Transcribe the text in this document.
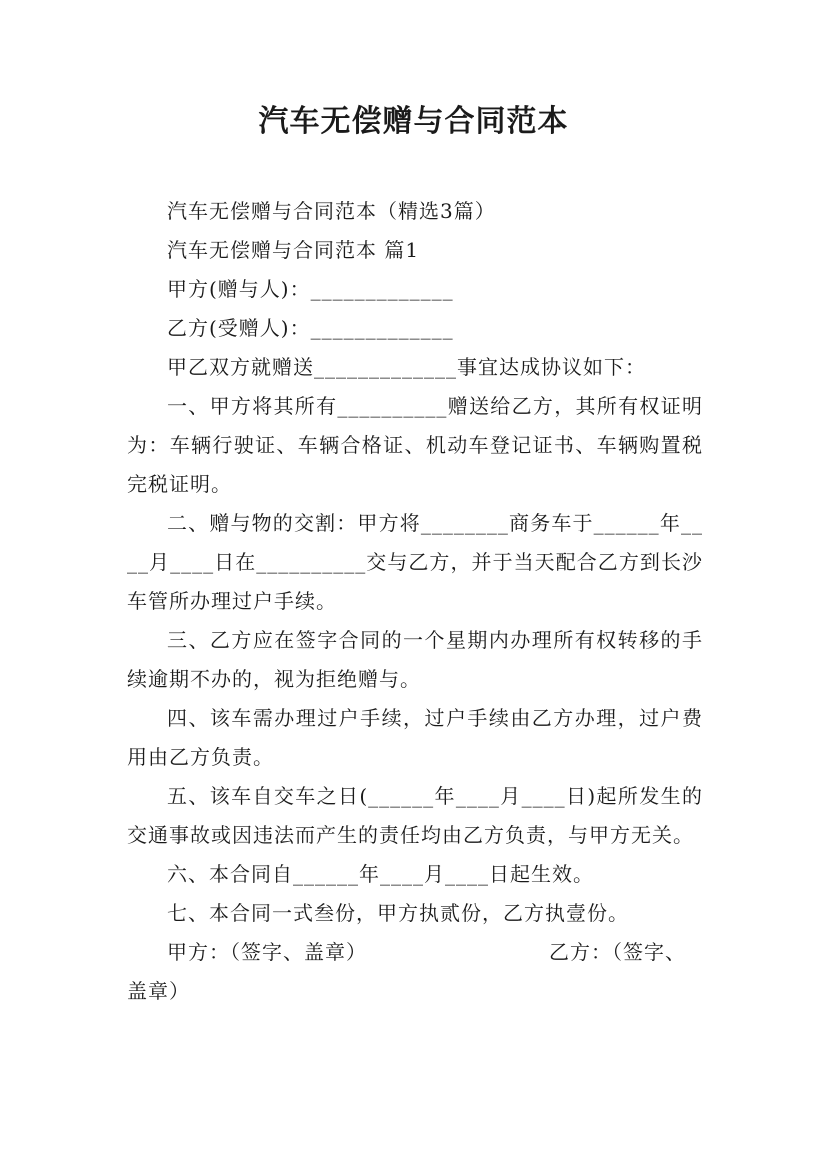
汽车无偿赠与合同范本

汽车无偿赠与合同范本（精选3篇）

汽车无偿赠与合同范本 篇1

甲方(赠与人)：_____________

乙方(受赠人)：_____________

甲乙双方就赠送_____________事宜达成协议如下：

一、甲方将其所有__________赠送给乙方，其所有权证明为：车辆行驶证、车辆合格证、机动车登记证书、车辆购置税完税证明。

二、赠与物的交割：甲方将________商务车于______年____月____日在__________交与乙方，并于当天配合乙方到长沙车管所办理过户手续。

三、乙方应在签字合同的一个星期内办理所有权转移的手续逾期不办的，视为拒绝赠与。

四、该车需办理过户手续，过户手续由乙方办理，过户费用由乙方负责。

五、该车自交车之日(______年____月____日)起所发生的交通事故或因违法而产生的责任均由乙方负责，与甲方无关。

六、本合同自______年____月____日起生效。

七、本合同一式叁份，甲方执贰份，乙方执壹份。

甲方：（签字、盖章）	乙方：（签字、盖章）
